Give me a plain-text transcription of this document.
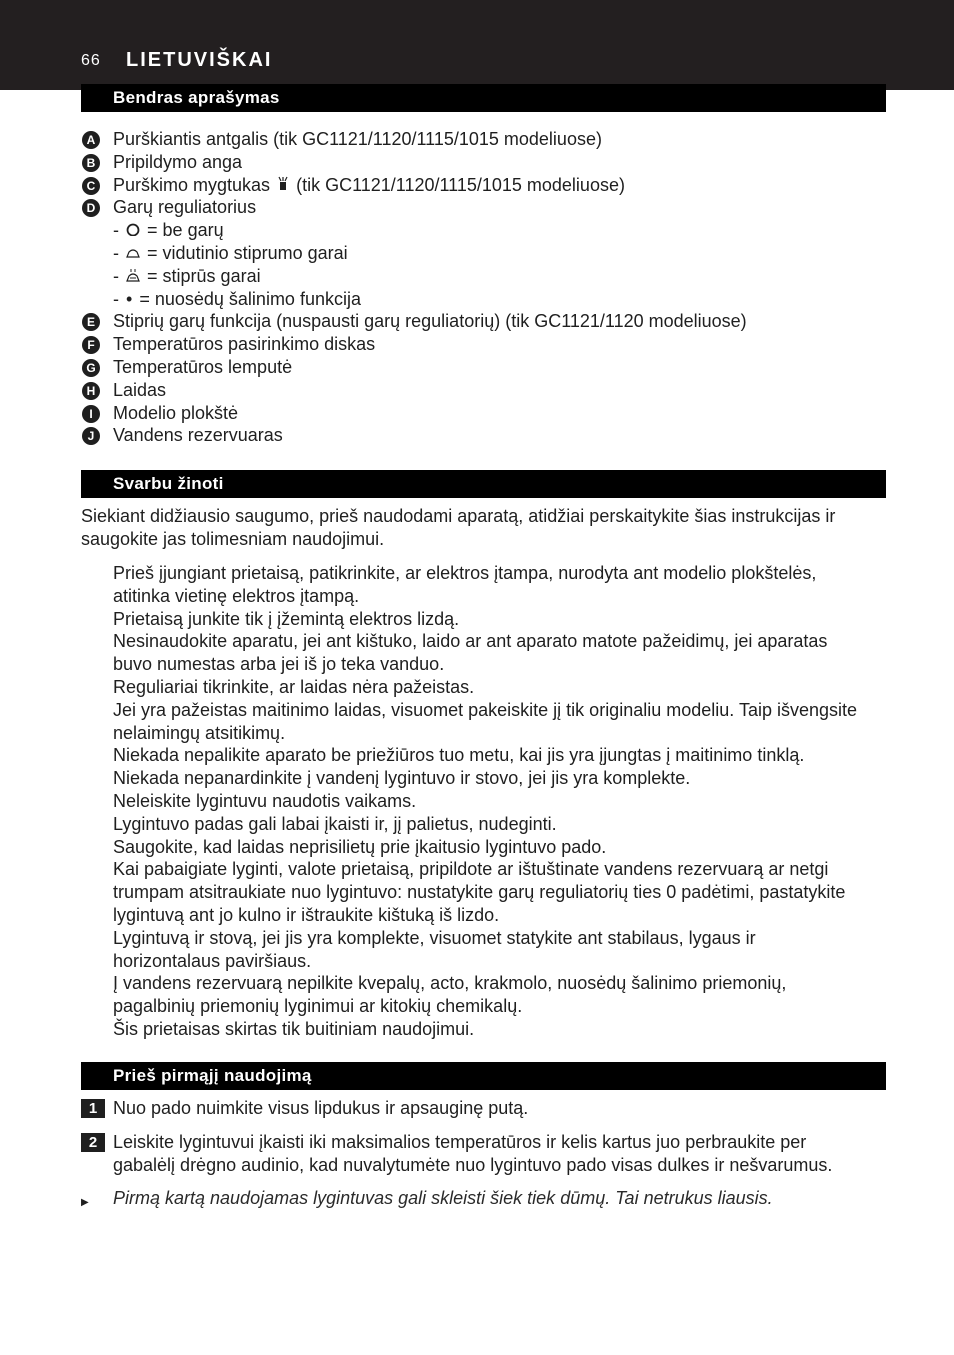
66 LIETUVIŠKAI
Bendras aprašymas
A Purškiantis antgalis (tik GC1121/1120/1115/1015 modeliuose)
B Pripildymo anga
C Purškimo mygtukas (tik GC1121/1120/1115/1015 modeliuose)
D Garų reguliatorius
- = be garų
- = vidutinio stiprumo garai
- = stiprūs garai
- • = nuosėdų šalinimo funkcija
E Stiprių garų funkcija (nuspausti garų reguliatorių) (tik GC1121/1120 modeliuose)
F Temperatūros pasirinkimo diskas
G Temperatūros lemputė
H Laidas
I	Modelio plokštė
J	Vandens rezervuaras
Svarbu žinoti
Siekiant didžiausio saugumo, prieš naudodami aparatą, atidžiai perskaitykite šias instrukcijas ir
saugokite jas tolimesniam naudojimui.

Prieš įjungiant prietaisą, patikrinkite, ar elektros įtampa, nurodyta ant modelio plokštelės,
atitinka vietinę elektros įtampą.

Prietaisą junkite tik į įžemintą elektros lizdą.

Nesinaudokite aparatu, jei ant kištuko, laido ar ant aparato matote pažeidimų, jei aparatas
buvo numestas arba jei iš jo teka vanduo.

Reguliariai tikrinkite, ar laidas nėra pažeistas.

Jei yra pažeistas maitinimo laidas, visuomet pakeiskite jį tik originaliu modeliu. Taip išvengsite
nelaimingų atsitikimų.

Niekada nepalikite aparato be priežiūros tuo metu, kai jis yra įjungtas į maitinimo tinklą.

Niekada nepanardinkite į vandenį lygintuvo ir stovo, jei jis yra komplekte.

Neleiskite lygintuvu naudotis vaikams.

Lygintuvo padas gali labai įkaisti ir, jį palietus, nudeginti.

Saugokite, kad laidas neprisilietų prie įkaitusio lygintuvo pado.

Kai pabaigiate lyginti, valote prietaisą, pripildote ar ištuštinate vandens rezervuarą ar netgi
trumpam atsitraukiate nuo lygintuvo: nustatykite garų reguliatorių ties 0 padėtimi, pastatykite
lygintuvą ant jo kulno ir ištraukite kištuką iš lizdo.

Lygintuvą ir stovą, jei jis yra komplekte, visuomet statykite ant stabilaus, lygaus ir
horizontalaus paviršiaus.

Į vandens rezervuarą nepilkite kvepalų, acto, krakmolo, nuosėdų šalinimo priemonių,
pagalbinių priemonių lyginimui ar kitokių chemikalų.

Šis prietaisas skirtas tik buitiniam naudojimui.

Prieš pirmąjį naudojimą
1 Nuo pado nuimkite visus lipdukus ir apsauginę putą.
2 Leiskite lygintuvui įkaisti iki maksimalios temperatūros ir kelis kartus juo perbraukite per
gabalėlį drėgno audinio, kad nuvalytumėte nuo lygintuvo pado visas dulkes ir nešvarumus.
▶ Pirmą kartą naudojamas lygintuvas gali skleisti šiek tiek dūmų. Tai netrukus liausis.
